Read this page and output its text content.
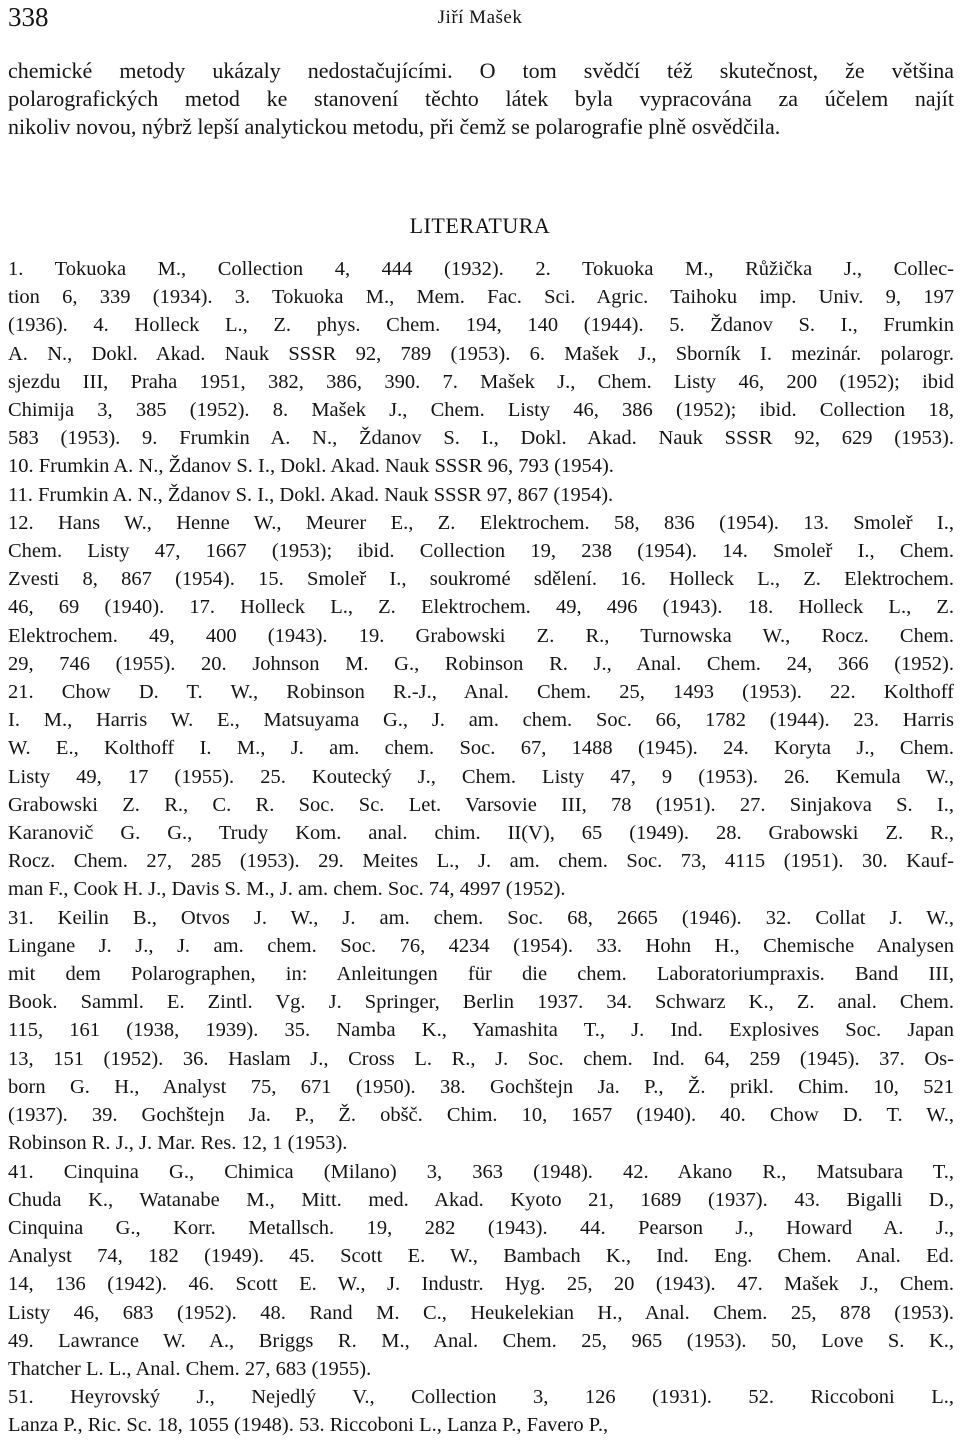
338	Jiří Mašek
chemické metody ukázaly nedostačujícími. O tom svědčí též skutečnost, že většina
polarografických metod ke stanovení těchto látek byla vypracována za účelem najít
nikoliv novou, nýbrž lepší analytickou metodu, při čemž se polarografie plně osvědčila.
LITERATURA
1. Tokuoka M., Collection 4, 444 (1932). 2. Tokuoka M., Růžička J., Collec-
tion 6, 339 (1934). 3. Tokuoka M., Mem. Fac. Sci. Agric. Taihoku imp. Univ. 9, 197
(1936). 4. Holleck L., Z. phys. Chem. 194, 140 (1944). 5. Ždanov S. I., Frumkin
A. N., Dokl. Akad. Nauk SSSR 92, 789 (1953). 6. Mašek J., Sborník I. mezinár. polarogr.
sjezdu III, Praha 1951, 382, 386, 390. 7. Mašek J., Chem. Listy 46, 200 (1952); ibid
Chimija 3, 385 (1952). 8. Mašek J., Chem. Listy 46, 386 (1952); ibid. Collection 18,
583 (1953). 9. Frumkin A. N., Ždanov S. I., Dokl. Akad. Nauk SSSR 92, 629 (1953).
10. Frumkin A. N., Ždanov S. I., Dokl. Akad. Nauk SSSR 96, 793 (1954).
11. Frumkin A. N., Ždanov S. I., Dokl. Akad. Nauk SSSR 97, 867 (1954).
12. Hans W., Henne W., Meurer E., Z. Elektrochem. 58, 836 (1954). 13. Smoleř I.,
Chem. Listy 47, 1667 (1953); ibid. Collection 19, 238 (1954). 14. Smoleř I., Chem.
Zvesti 8, 867 (1954). 15. Smoleř I., soukromé sdělení. 16. Holleck L., Z. Elektrochem.
46, 69 (1940). 17. Holleck L., Z. Elektrochem. 49, 496 (1943). 18. Holleck L., Z.
Elektrochem. 49, 400 (1943). 19. Grabowski Z. R., Turnowska W., Rocz. Chem.
29, 746 (1955). 20. Johnson M. G., Robinson R. J., Anal. Chem. 24, 366 (1952).
21. Chow D. T. W., Robinson R.-J., Anal. Chem. 25, 1493 (1953). 22. Kolthoff
I. M., Harris W. E., Matsuyama G., J. am. chem. Soc. 66, 1782 (1944). 23. Harris
W. E., Kolthoff I. M., J. am. chem. Soc. 67, 1488 (1945). 24. Koryta J., Chem.
Listy 49, 17 (1955). 25. Koutecký J., Chem. Listy 47, 9 (1953). 26. Kemula W.,
Grabowski Z. R., C. R. Soc. Sc. Let. Varsovie III, 78 (1951). 27. Sinjakova S. I.,
Karanovič G. G., Trudy Kom. anal. chim. II(V), 65 (1949). 28. Grabowski Z. R.,
Rocz. Chem. 27, 285 (1953). 29. Meites L., J. am. chem. Soc. 73, 4115 (1951). 30. Kauf-
man F., Cook H. J., Davis S. M., J. am. chem. Soc. 74, 4997 (1952).
31. Keilin B., Otvos J. W., J. am. chem. Soc. 68, 2665 (1946). 32. Collat J. W.,
Lingane J. J., J. am. chem. Soc. 76, 4234 (1954). 33. Hohn H., Chemische Analysen
mit dem Polarographen, in: Anleitungen für die chem. Laboratoriumpraxis. Band III,
Book. Samml. E. Zintl. Vg. J. Springer, Berlin 1937. 34. Schwarz K., Z. anal. Chem.
115, 161 (1938, 1939). 35. Namba K., Yamashita T., J. Ind. Explosives Soc. Japan
13, 151 (1952). 36. Haslam J., Cross L. R., J. Soc. chem. Ind. 64, 259 (1945). 37. Os-
born G. H., Analyst 75, 671 (1950). 38. Gochštejn Ja. P., Ž. prikl. Chim. 10, 521
(1937). 39. Gochštejn Ja. P., Ž. obšč. Chim. 10, 1657 (1940). 40. Chow D. T. W.,
Robinson R. J., J. Mar. Res. 12, 1 (1953).
41. Cinquina G., Chimica (Milano) 3, 363 (1948). 42. Akano R., Matsubara T.,
Chuda K., Watanabe M., Mitt. med. Akad. Kyoto 21, 1689 (1937). 43. Bigalli D.,
Cinquina G., Korr. Metallsch. 19, 282 (1943). 44. Pearson J., Howard A. J.,
Analyst 74, 182 (1949). 45. Scott E. W., Bambach K., Ind. Eng. Chem. Anal. Ed.
14, 136 (1942). 46. Scott E. W., J. Industr. Hyg. 25, 20 (1943). 47. Mašek J., Chem.
Listy 46, 683 (1952). 48. Rand M. C., Heukelekian H., Anal. Chem. 25, 878 (1953).
49. Lawrance W. A., Briggs R. M., Anal. Chem. 25, 965 (1953). 50, Love S. K.,
Thatcher L. L., Anal. Chem. 27, 683 (1955).
51. Heyrovský J., Nejedlý V., Collection 3, 126 (1931). 52. Riccoboni L.,
Lanza P., Ric. Sc. 18, 1055 (1948). 53. Riccoboni L., Lanza P., Favero P.,
